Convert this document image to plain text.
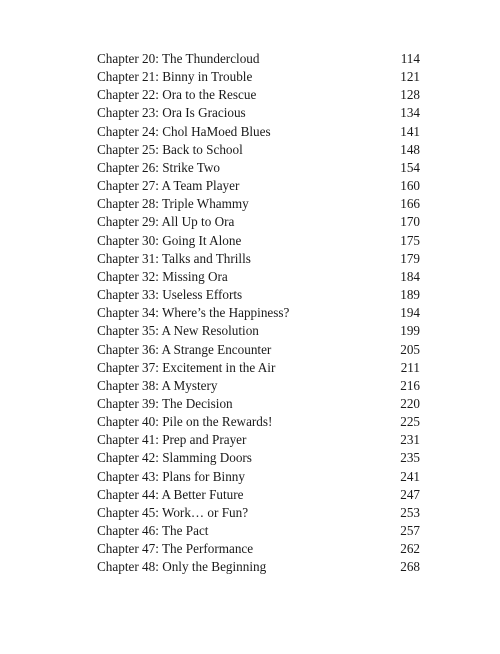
Chapter 20: The Thundercloud	114
Chapter 21: Binny in Trouble	121
Chapter 22: Ora to the Rescue	128
Chapter 23: Ora Is Gracious	134
Chapter 24: Chol HaMoed Blues	141
Chapter 25: Back to School	148
Chapter 26: Strike Two	154
Chapter 27: A Team Player	160
Chapter 28: Triple Whammy	166
Chapter 29: All Up to Ora	170
Chapter 30: Going It Alone	175
Chapter 31: Talks and Thrills	179
Chapter 32: Missing Ora	184
Chapter 33: Useless Efforts	189
Chapter 34: Where’s the Happiness?	194
Chapter 35: A New Resolution	199
Chapter 36: A Strange Encounter	205
Chapter 37: Excitement in the Air	211
Chapter 38: A Mystery	216
Chapter 39: The Decision	220
Chapter 40: Pile on the Rewards!	225
Chapter 41: Prep and Prayer	231
Chapter 42: Slamming Doors	235
Chapter 43: Plans for Binny	241
Chapter 44: A Better Future	247
Chapter 45: Work… or Fun?	253
Chapter 46: The Pact	257
Chapter 47: The Performance	262
Chapter 48: Only the Beginning	268
